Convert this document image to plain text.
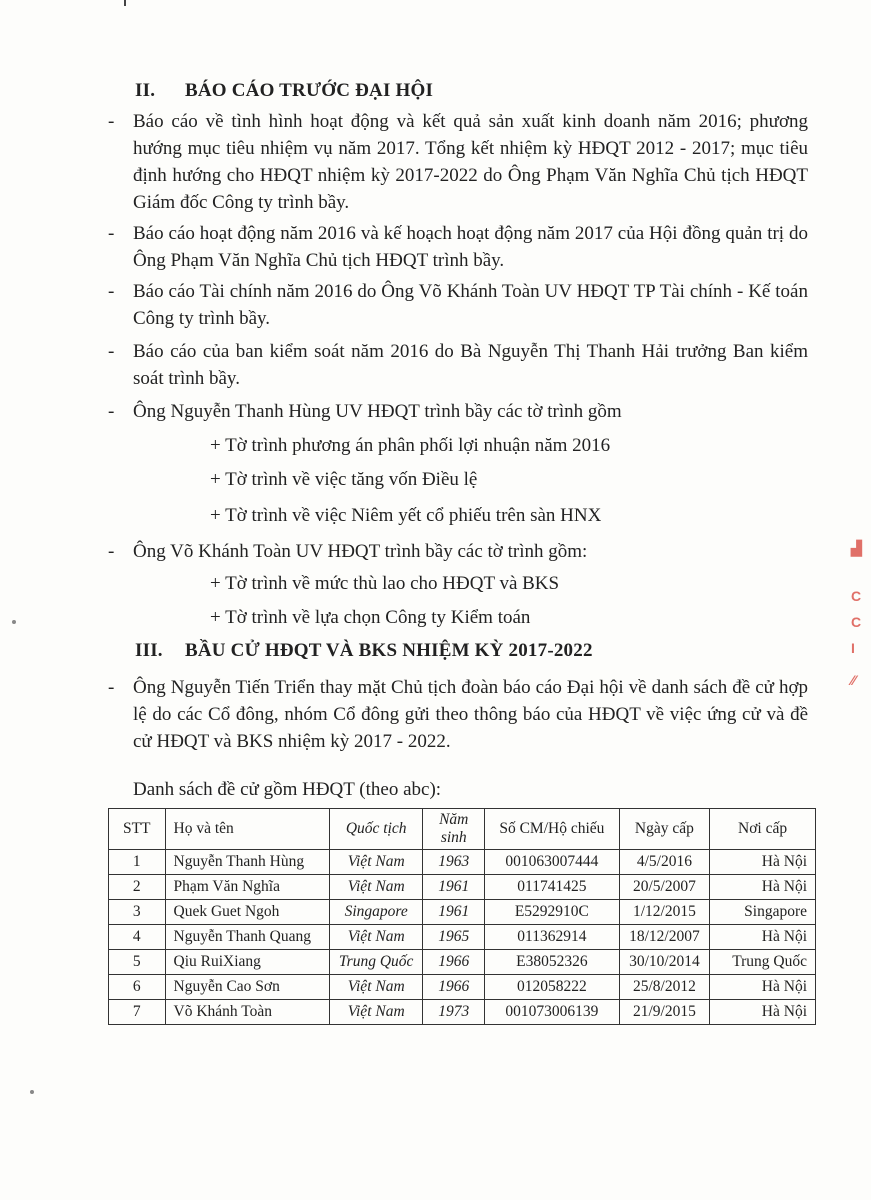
II. BÁO CÁO TRƯỚC ĐẠI HỘI
- Báo cáo về tình hình hoạt động và kết quả sản xuất kinh doanh năm 2016; phương hướng mục tiêu nhiệm vụ năm 2017. Tổng kết nhiệm kỳ HĐQT 2012 - 2017; mục tiêu định hướng cho HĐQT nhiệm kỳ 2017-2022 do Ông Phạm Văn Nghĩa Chủ tịch HĐQT Giám đốc Công ty trình bầy.
- Báo cáo hoạt động năm 2016 và kế hoạch hoạt động năm 2017 của Hội đồng quản trị do Ông Phạm Văn Nghĩa Chủ tịch HĐQT trình bầy.
- Báo cáo Tài chính năm 2016 do Ông Võ Khánh Toàn UV HĐQT TP Tài chính - Kế toán Công ty trình bầy.
- Báo cáo của ban kiểm soát năm 2016 do Bà Nguyễn Thị Thanh Hải trưởng Ban kiểm soát trình bầy.
- Ông Nguyễn Thanh Hùng UV HĐQT trình bầy các tờ trình gồm
+ Tờ trình phương án phân phối lợi nhuận năm 2016
+ Tờ trình về việc tăng vốn Điều lệ
+ Tờ trình về việc Niêm yết cổ phiếu trên sàn HNX
- Ông Võ Khánh Toàn UV HĐQT trình bầy các tờ trình gồm:
+ Tờ trình về mức thù lao cho HĐQT và BKS
+ Tờ trình về lựa chọn Công ty Kiểm toán
III. BẦU CỬ HĐQT VÀ BKS NHIỆM KỲ 2017-2022
- Ông Nguyễn Tiến Triển thay mặt Chủ tịch đoàn báo cáo Đại hội về danh sách đề cử hợp lệ do các Cổ đông, nhóm Cổ đông gửi theo thông báo của HĐQT về việc ứng cử và đề cử HĐQT và BKS nhiệm kỳ 2017 - 2022.
Danh sách đề cử gồm HĐQT (theo abc):
STT	Họ và tên	Quốc tịch	Năm sinh	Số CM/Hộ chiếu	Ngày cấp	Nơi cấp
1	Nguyễn Thanh Hùng	Việt Nam	1963	001063007444	4/5/2016	Hà Nội
2	Phạm Văn Nghĩa	Việt Nam	1961	011741425	20/5/2007	Hà Nội
3	Quek Guet Ngoh	Singapore	1961	E5292910C	1/12/2015	Singapore
4	Nguyễn Thanh Quang	Việt Nam	1965	011362914	18/12/2007	Hà Nội
5	Qiu RuiXiang	Trung Quốc	1966	E38052326	30/10/2014	Trung Quốc
6	Nguyễn Cao Sơn	Việt Nam	1966	012058222	25/8/2012	Hà Nội
7	Võ Khánh Toàn	Việt Nam	1973	001073006139	21/9/2015	Hà Nội
▟
C
C
I
⁄⁄
